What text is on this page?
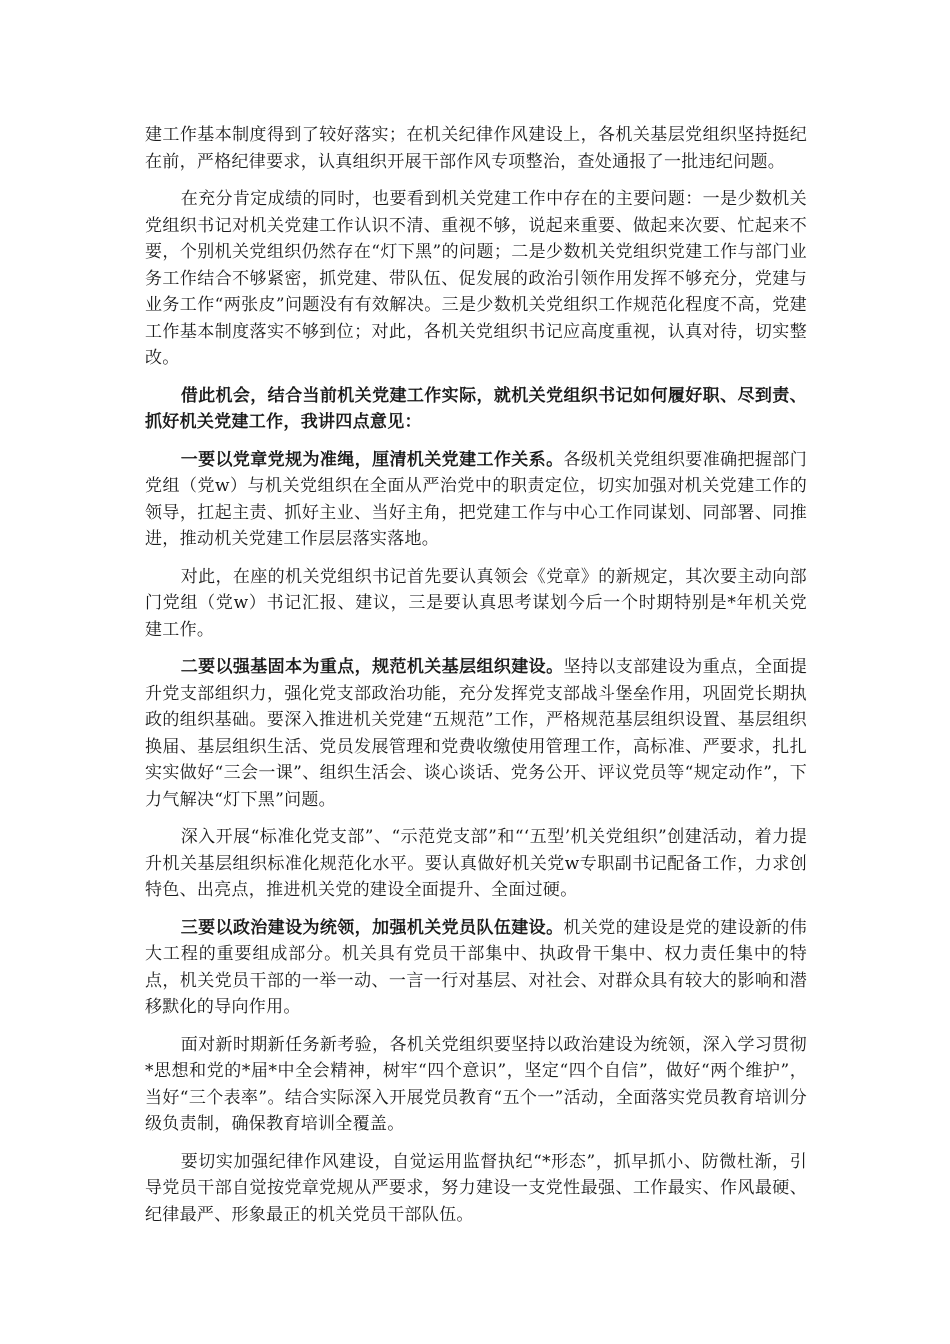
建工作基本制度得到了较好落实；在机关纪律作风建设上，各机关基层党组织坚持挺纪在前，严格纪律要求，认真组织开展干部作风专项整治，查处通报了一批违纪问题。

在充分肯定成绩的同时，也要看到机关党建工作中存在的主要问题：一是少数机关党组织书记对机关党建工作认识不清、重视不够，说起来重要、做起来次要、忙起来不要，个别机关党组织仍然存在“灯下黑”的问题；二是少数机关党组织党建工作与部门业务工作结合不够紧密，抓党建、带队伍、促发展的政治引领作用发挥不够充分，党建与业务工作“两张皮”问题没有有效解决。三是少数机关党组织工作规范化程度不高，党建工作基本制度落实不够到位；对此，各机关党组织书记应高度重视，认真对待，切实整改。

借此机会，结合当前机关党建工作实际，就机关党组织书记如何履好职、尽到责、抓好机关党建工作，我讲四点意见：

一要以党章党规为准绳，厘清机关党建工作关系。各级机关党组织要准确把握部门党组（党w）与机关党组织在全面从严治党中的职责定位，切实加强对机关党建工作的领导，扛起主责、抓好主业、当好主角，把党建工作与中心工作同谋划、同部署、同推进，推动机关党建工作层层落实落地。

对此，在座的机关党组织书记首先要认真领会《党章》的新规定，其次要主动向部门党组（党w）书记汇报、建议，三是要认真思考谋划今后一个时期特别是*年机关党建工作。

二要以强基固本为重点，规范机关基层组织建设。坚持以支部建设为重点，全面提升党支部组织力，强化党支部政治功能，充分发挥党支部战斗堡垒作用，巩固党长期执政的组织基础。要深入推进机关党建“五规范”工作，严格规范基层组织设置、基层组织换届、基层组织生活、党员发展管理和党费收缴使用管理工作，高标准、严要求，扎扎实实做好“三会一课”、组织生活会、谈心谈话、党务公开、评议党员等“规定动作”，下力气解决“灯下黑”问题。

深入开展“标准化党支部”、“示范党支部”和“‘五型’机关党组织”创建活动，着力提升机关基层组织标准化规范化水平。要认真做好机关党w专职副书记配备工作，力求创特色、出亮点，推进机关党的建设全面提升、全面过硬。

三要以政治建设为统领，加强机关党员队伍建设。机关党的建设是党的建设新的伟大工程的重要组成部分。机关具有党员干部集中、执政骨干集中、权力责任集中的特点，机关党员干部的一举一动、一言一行对基层、对社会、对群众具有较大的影响和潜移默化的导向作用。

面对新时期新任务新考验，各机关党组织要坚持以政治建设为统领，深入学习贯彻*思想和党的*届*中全会精神，树牢“四个意识”，坚定“四个自信”，做好“两个维护”，当好“三个表率”。结合实际深入开展党员教育“五个一”活动，全面落实党员教育培训分级负责制，确保教育培训全覆盖。

要切实加强纪律作风建设，自觉运用监督执纪“*形态”，抓早抓小、防微杜渐，引导党员干部自觉按党章党规从严要求，努力建设一支党性最强、工作最实、作风最硬、纪律最严、形象最正的机关党员干部队伍。
